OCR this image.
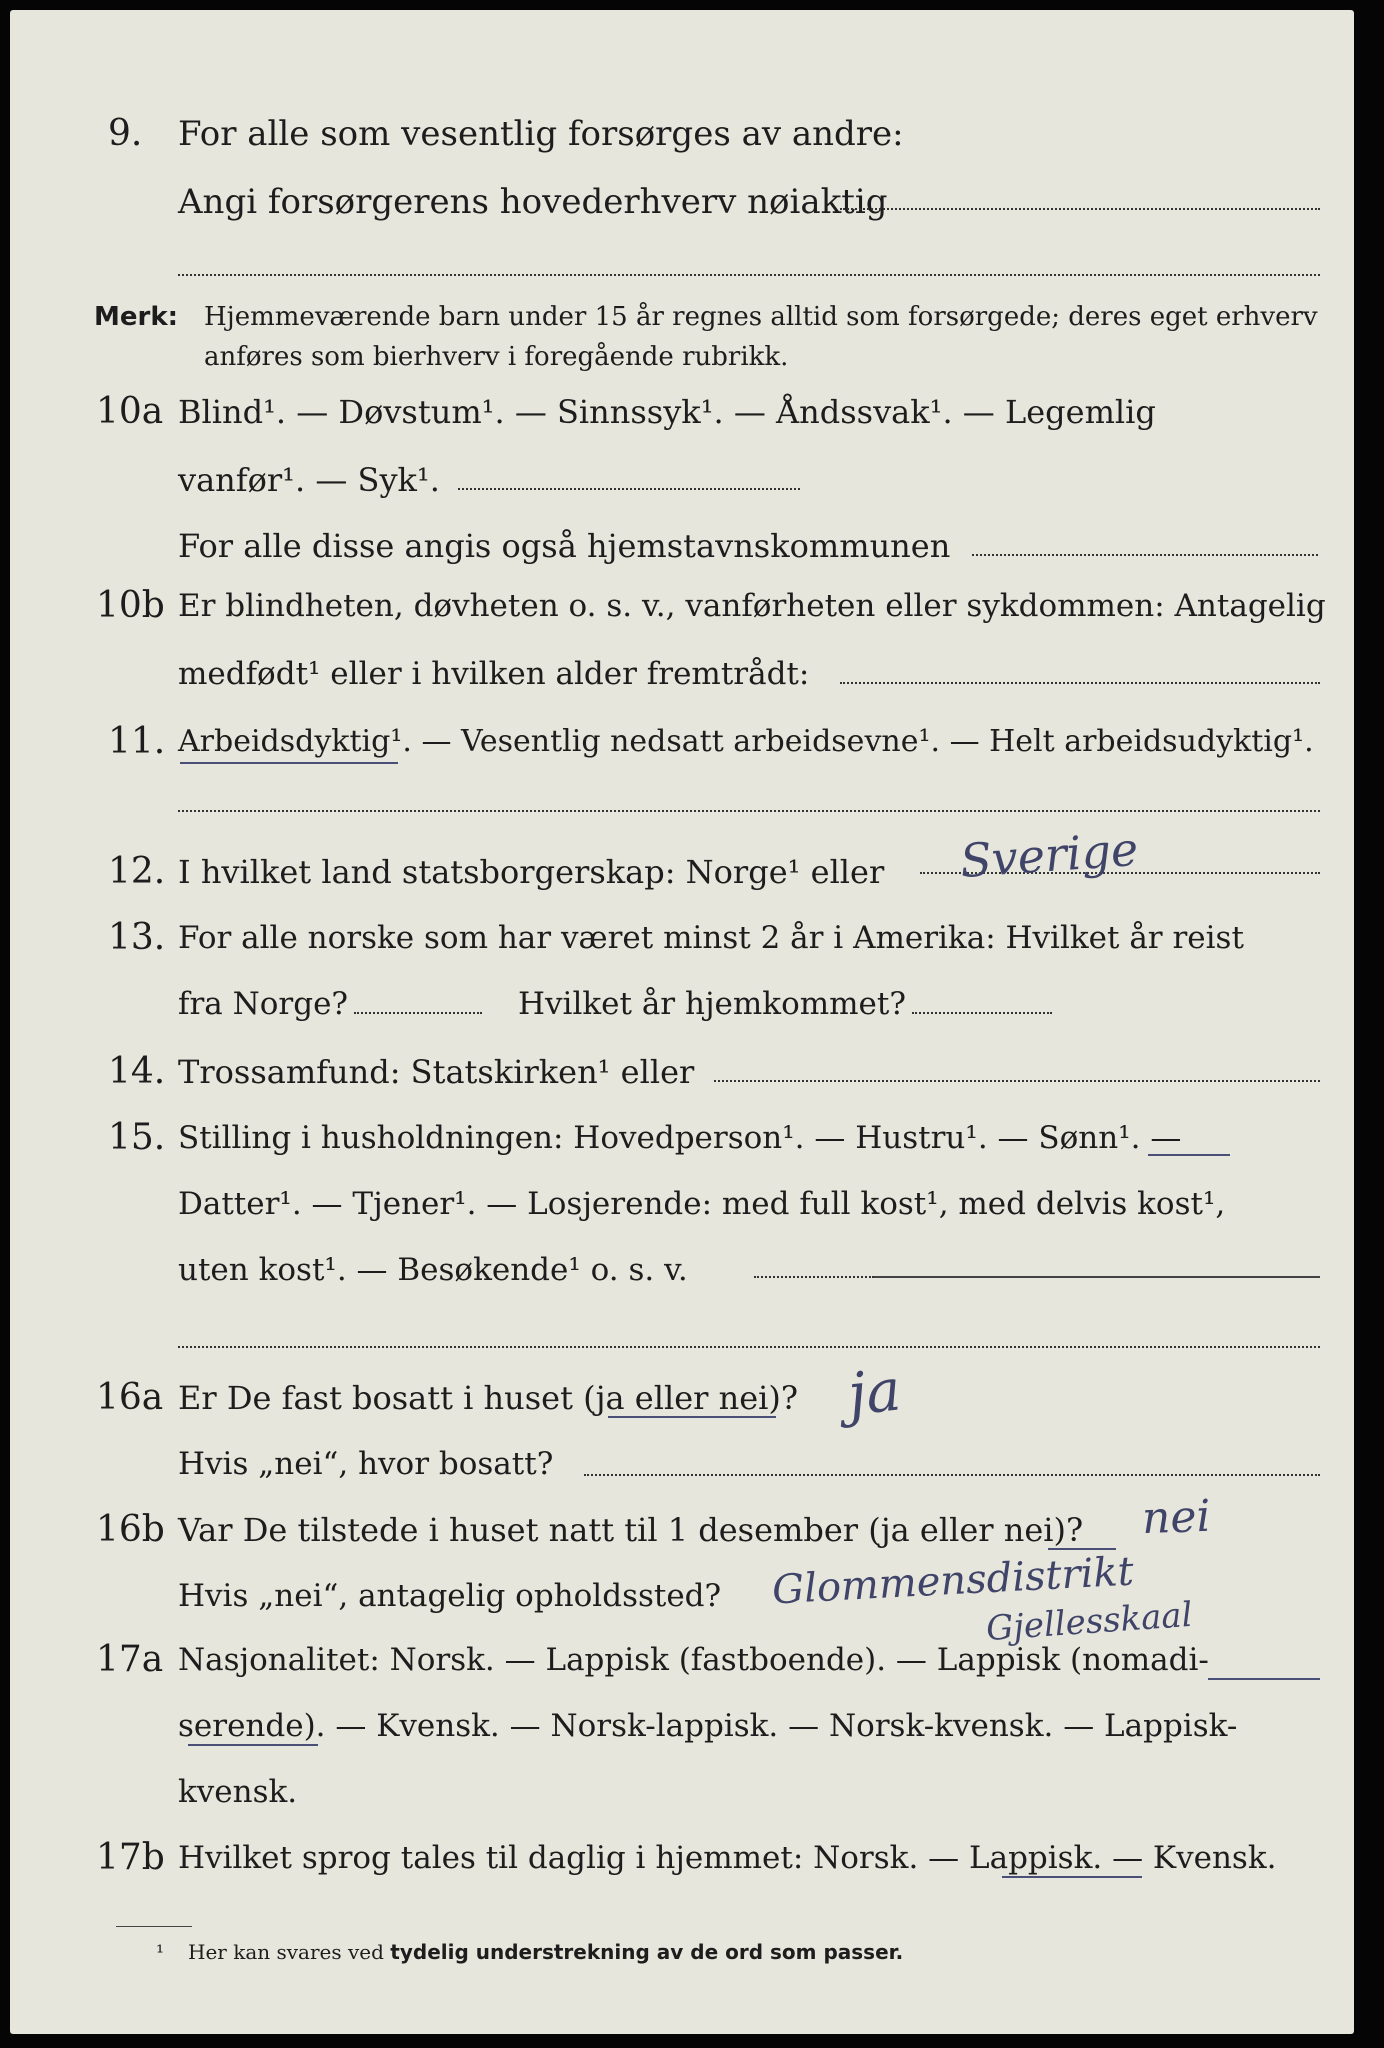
9. For alle som vesentlig forsørges av andre:
Angi forsørgerens hovederhverv nøiaktig
Merk: Hjemmeværende barn under 15 år regnes alltid som forsørgede; deres eget erhverv
anføres som bierhverv i foregående rubrikk.
10a Blind¹. — Døvstum¹. — Sinnssyk¹. — Åndssvak¹. — Legemlig
vanfør¹. — Syk¹.
For alle disse angis også hjemstavnskommunen
10b Er blindheten, døvheten o. s. v., vanførheten eller sykdommen: Antagelig
medfødt¹ eller i hvilken alder fremtrådt:
11. Arbeidsdyktig¹. — Vesentlig nedsatt arbeidsevne¹. — Helt arbeidsudyktig¹.
12. I hvilket land statsborgerskap: Norge¹ eller Sverige
13. For alle norske som har været minst 2 år i Amerika: Hvilket år reist
fra Norge?	Hvilket år hjemkommet?
14. Trossamfund: Statskirken¹ eller
15. Stilling i husholdningen: Hovedperson¹. — Hustru¹. — Sønn¹. —
Datter¹. — Tjener¹. — Losjerende: med full kost¹, med delvis kost¹,
uten kost¹. — Besøkende¹ o. s. v.
16a Er De fast bosatt i huset (ja eller nei)? ja
Hvis „nei“, hvor bosatt?
16b Var De tilstede i huset natt til 1 desember (ja eller nei)? nei
Hvis „nei“, antagelig opholdssted? Glommensdistrikt
Gjellesskaal
17a Nasjonalitet: Norsk. — Lappisk (fastboende). — Lappisk (nomadi-
serende). — Kvensk. — Norsk-lappisk. — Norsk-kvensk. — Lappisk-
kvensk.
17b Hvilket sprog tales til daglig i hjemmet: Norsk. — Lappisk. — Kvensk.
¹ Her kan svares ved tydelig understrekning av de ord som passer.
